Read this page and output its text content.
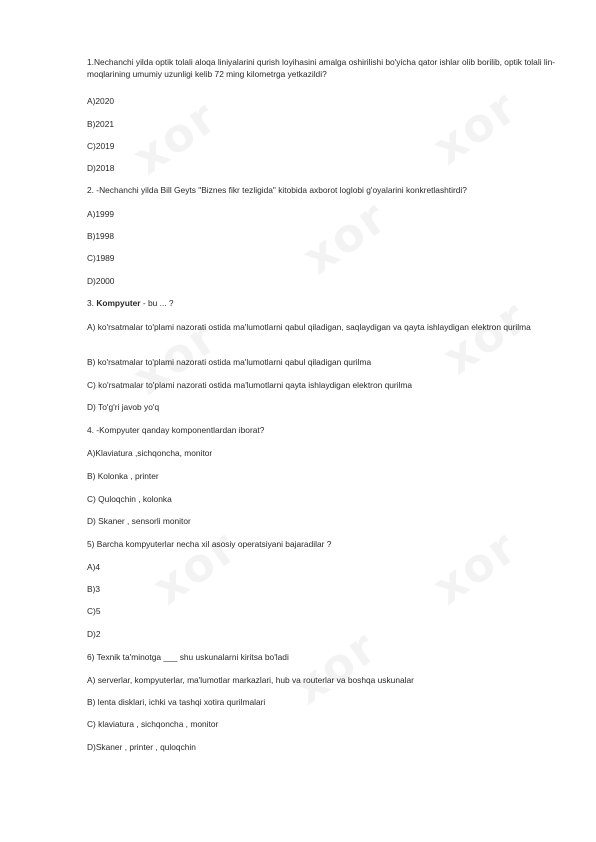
1.Nechanchi yilda optik tolali aloqa liniyalarini qurish loyihasini amalga oshirilishi bo'yicha qator ishlar olib borilib, optik tolali lin-moqlarining umumiy uzunligi kelib 72 ming kilometrga yetkazildi?
A)2020
B)2021
C)2019
D)2018
2. -Nechanchi yilda Bill Geyts "Biznes fikr tezligida" kitobida axborot loglobi g'oyalarini konkretlashtirdi?
A)1999
B)1998
C)1989
D)2000
3. Kompyuter - bu ... ?
A) ko'rsatmalar to'plami nazorati ostida ma'lumotlarni qabul qiladigan, saqlaydigan va qayta ishlaydigan elektron qurilma
B) ko'rsatmalar to'plami nazorati ostida ma'lumotlarni qabul qiladigan qurilma
C) ko'rsatmalar to'plami nazorati ostida ma'lumotlarni qayta ishlaydigan elektron qurilma
D) To'g'ri javob yo'q
4. -Kompyuter qanday komponentlardan iborat?
A)Klaviatura ,sichqoncha, monitor
B) Kolonka , printer
C) Quloqchin , kolonka
D) Skaner , sensorli monitor
5) Barcha kompyuterlar necha xil asosiy operatsiyani bajaradilar ?
A)4
B)3
C)5
D)2
6) Texnik ta'minotga ___ shu uskunalarni kiritsa bo'ladi
A) serverlar, kompyuterlar, ma'lumotlar markazlari, hub va routerlar va boshqa uskunalar
B) lenta disklari, ichki va tashqi xotira qurilmalari
C) klaviatura , sichqoncha , monitor
D)Skaner , printer , quloqchin
